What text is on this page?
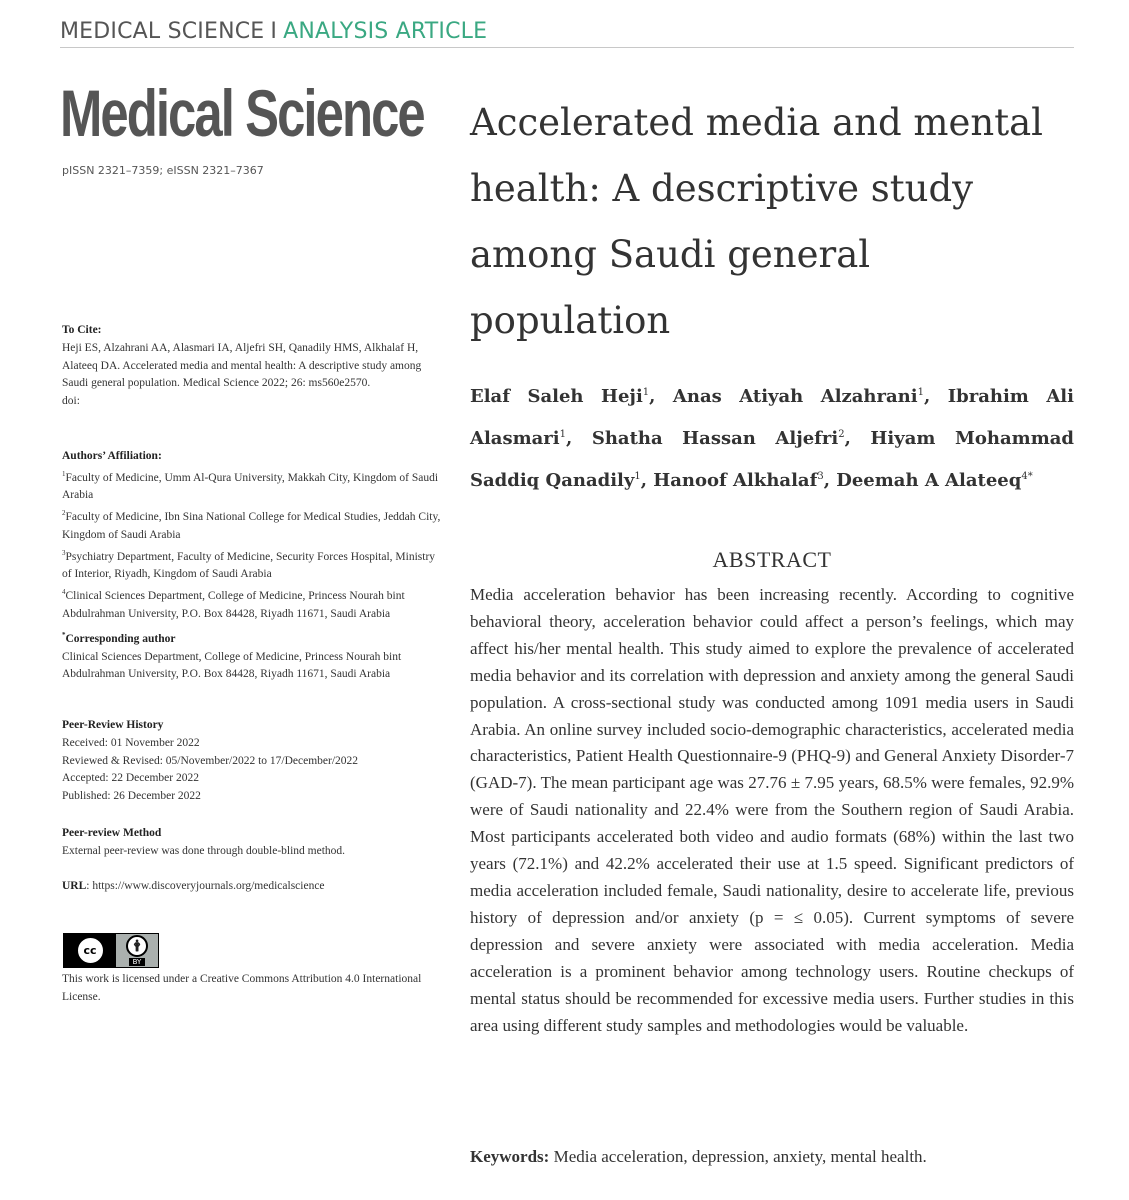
MEDICAL SCIENCE I ANALYSIS ARTICLE
Medical Science
pISSN 2321–7359; eISSN 2321–7367

To Cite:

Heji ES, Alzahrani AA, Alasmari IA, Aljefri SH, Qanadily HMS, Alkhalaf H, Alateeq DA. Accelerated media and mental health: A descriptive study among Saudi general population. Medical Science 2022; 26: ms560e2570.

doi:

Authors’ Affiliation:

$^1$Faculty of Medicine, Umm Al-Qura University, Makkah City, Kingdom of Saudi Arabia

$^2$Faculty of Medicine, Ibn Sina National College for Medical Studies, Jeddah City, Kingdom of Saudi Arabia

$^3$Psychiatry Department, Faculty of Medicine, Security Forces Hospital, Ministry of Interior, Riyadh, Kingdom of Saudi Arabia

$^4$Clinical Sciences Department, College of Medicine, Princess Nourah bint Abdulrahman University, P.O. Box 84428, Riyadh 11671, Saudi Arabia

*Corresponding author

Clinical Sciences Department, College of Medicine, Princess Nourah bint Abdulrahman University, P.O. Box 84428, Riyadh 11671, Saudi Arabia

Peer-Review History

Received: 01 November 2022

Reviewed & Revised: 05/November/2022 to 17/December/2022

Accepted: 22 December 2022

Published: 26 December 2022

Peer-review Method

External peer-review was done through double-blind method.

URL: https://www.discoveryjournals.org/medicalscience

cc	🛉
BY
This work is licensed under a Creative Commons Attribution 4.0 International License.
Accelerated media and mental health: A descriptive study among Saudi general population
Elaf Saleh Heji$^1$, Anas Atiyah Alzahrani$^1$, Ibrahim Ali Alasmari$^1$, Shatha Hassan Aljefri$^2$, Hiyam Mohammad Saddiq Qanadily$^1$, Hanoof Alkhalaf$^3$, Deemah A Alateeq$^{4*}$
ABSTRACT

Media acceleration behavior has been increasing recently. According to cognitive behavioral theory, acceleration behavior could affect a person’s feelings, which may affect his/her mental health. This study aimed to explore the prevalence of accelerated media behavior and its correlation with depression and anxiety among the general Saudi population. A cross-sectional study was conducted among 1091 media users in Saudi Arabia. An online survey included socio-demographic characteristics, accelerated media characteristics, Patient Health Questionnaire-9 (PHQ-9) and General Anxiety Disorder-7 (GAD-7). The mean participant age was 27.76 ± 7.95 years, 68.5% were females, 92.9% were of Saudi nationality and 22.4% were from the Southern region of Saudi Arabia. Most participants accelerated both video and audio formats (68%) within the last two years (72.1%) and 42.2% accelerated their use at 1.5 speed. Significant predictors of media acceleration included female, Saudi nationality, desire to accelerate life, previous history of depression and/or anxiety (p = ≤ 0.05). Current symptoms of severe depression and severe anxiety were associated with media acceleration. Media acceleration is a prominent behavior among technology users. Routine checkups of mental status should be recommended for excessive media users. Further studies in this area using different study samples and methodologies would be valuable.

Keywords: Media acceleration, depression, anxiety, mental health.
